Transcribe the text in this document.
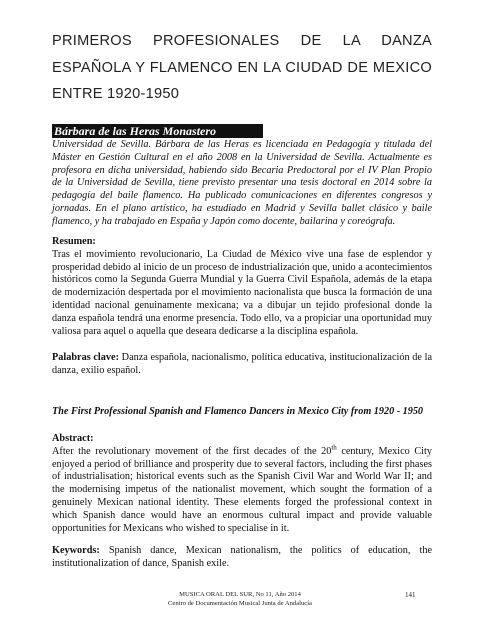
PRIMEROS PROFESIONALES DE LA DANZA ESPAÑOLA Y FLAMENCO EN LA CIUDAD DE MEXICO ENTRE 1920-1950
Bárbara de las Heras Monastero
Universidad de Sevilla. Bárbara de las Heras es licenciada en Pedagogía y titulada del Máster en Gestión Cultural en el año 2008 en la Universidad de Sevilla. Actualmente es profesora en dicha universidad, habiendo sido Becaria Predoctoral por el IV Plan Propio de la Universidad de Sevilla, tiene previsto presentar una tesis doctoral en 2014 sobre la pedagogía del baile flamenco. Ha publicado comunicaciones en diferentes congresos y jornadas. En el plano artístico, ha estudiado en Madrid y Sevilla ballet clásico y baile flamenco, y ha trabajado en España y Japón como docente, bailarina y coreógrafa.
Resumen:
Tras el movimiento revolucionario, La Ciudad de México vive una fase de esplendor y prosperidad debido al inicio de un proceso de industrialización que, unido a acontecimientos históricos como la Segunda Guerra Mundial y la Guerra Civil Española, además de la etapa de modernización despertada por el movimiento nacionalista que busca la formación de una identidad nacional genuinamente mexicana; va a dibujar un tejido profesional donde la danza española tendrá una enorme presencia. Todo ello, va a propiciar una oportunidad muy valiosa para aquel o aquella que deseara dedicarse a la disciplina española.
Palabras clave: Danza española, nacionalismo, política educativa, institucionalización de la danza, exilio español.
The First Professional Spanish and Flamenco Dancers in Mexico City from 1920 - 1950
Abstract:
After the revolutionary movement of the first decades of the 20th century, Mexico City enjoyed a period of brilliance and prosperity due to several factors, including the first phases of industrialisation; historical events such as the Spanish Civil War and World War II; and the modernising impetus of the nationalist movement, which sought the formation of a genuinely Mexican national identity. These elements forged the professional context in which Spanish dance would have an enormous cultural impact and provide valuable opportunities for Mexicans who wished to specialise in it.
Keywords: Spanish dance, Mexican nationalism, the politics of education, the institutionalization of dance, Spanish exile.
MUSICA ORAL DEL SUR, No 11, Año 2014
Centro de Documentación Musical Junta de Andalucía
141
